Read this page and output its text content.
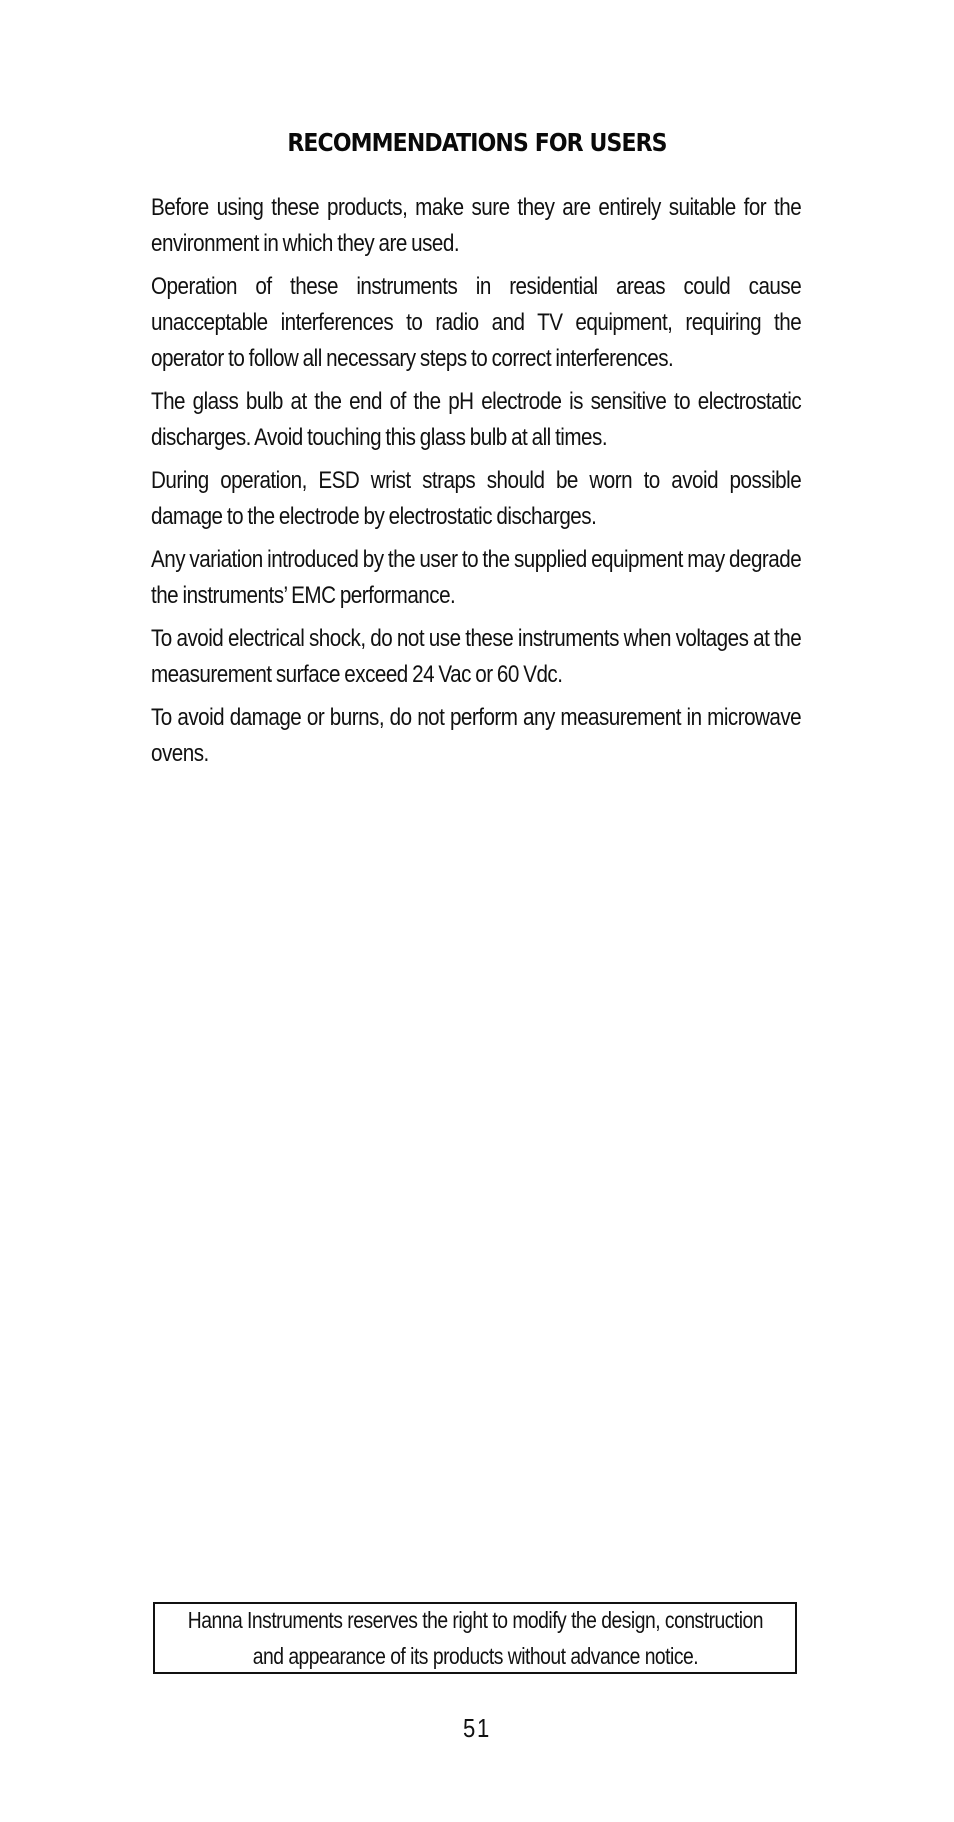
RECOMMENDATIONS FOR USERS

Before using these products, make sure they are entirely suitable for the environment in which they are used.

Operation of these instruments in residential areas could cause unacceptable interferences to radio and TV equipment, requiring the operator to follow all necessary steps to correct interferences.

The glass bulb at the end of the pH electrode is sensitive to electrostatic discharges. Avoid touching this glass bulb at all times.

During operation, ESD wrist straps should be worn to avoid possible damage to the electrode by electrostatic discharges.

Any variation introduced by the user to the supplied equipment may degrade the instruments’ EMC performance.

To avoid electrical shock, do not use these instruments when voltages at the measurement surface exceed 24 Vac or 60 Vdc.

To avoid damage or burns, do not perform any measurement in microwave ovens.

Hanna Instruments reserves the right to modify the design, construction
and appearance of its products without advance notice.
51
